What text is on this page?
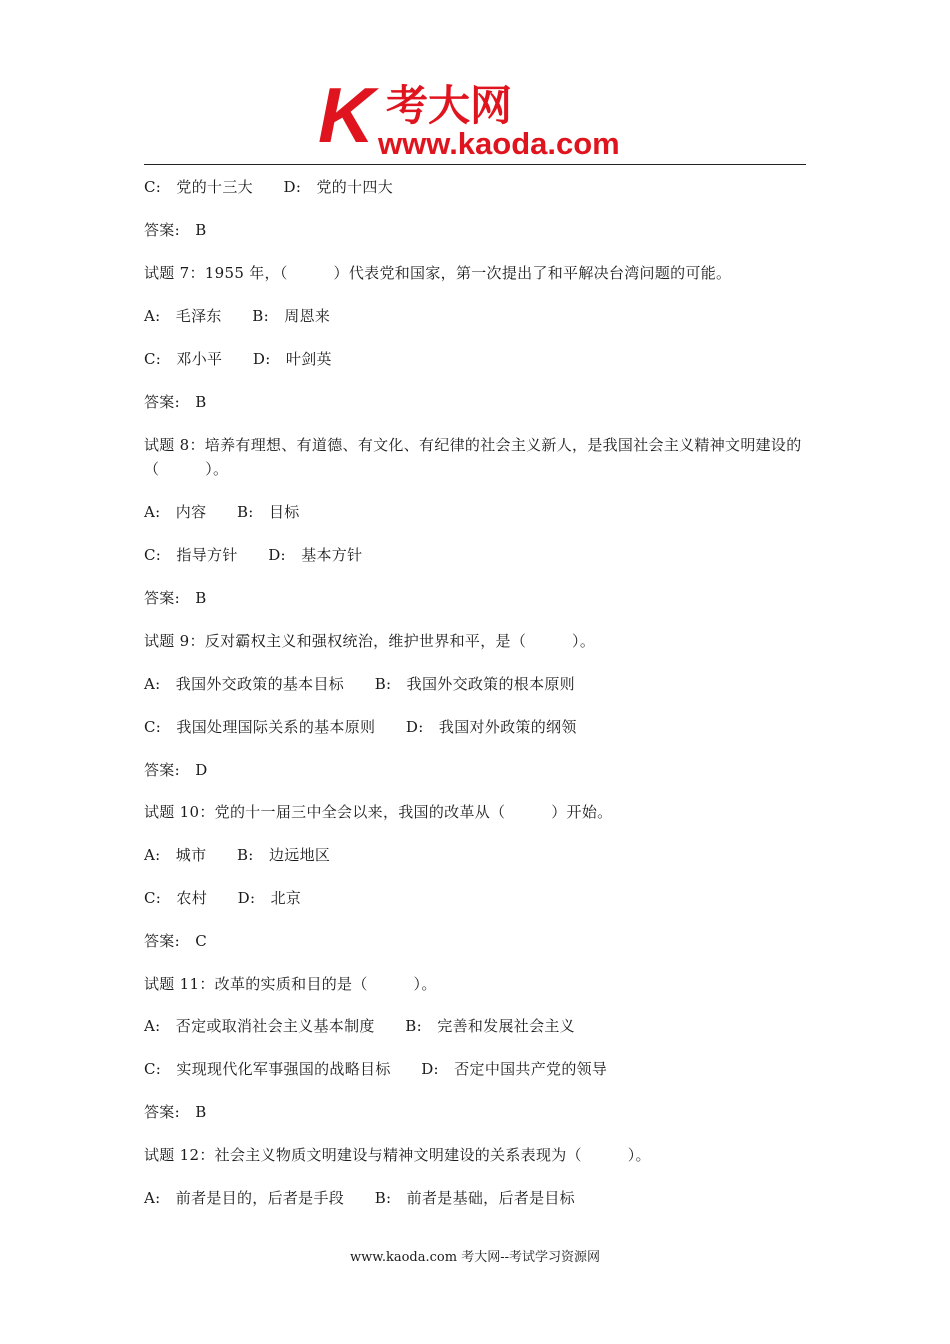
K 考大网
www.kaoda.com
C:　党的十三大　　D:　党的十四大
答案:　B
试题 7：1955 年，（　　　）代表党和国家，第一次提出了和平解决台湾问题的可能。
A:　毛泽东　　B:　周恩来
C:　邓小平　　D:　叶剑英
答案:　B
试题 8：培养有理想、有道德、有文化、有纪律的社会主义新人，是我国社会主义精神文明建设的（　　　）。
A:　内容　　B:　目标
C:　指导方针　　D:　基本方针
答案:　B
试题 9：反对霸权主义和强权统治，维护世界和平，是（　　　）。
A:　我国外交政策的基本目标　　B:　我国外交政策的根本原则
C:　我国处理国际关系的基本原则　　D:　我国对外政策的纲领
答案:　D
试题 10：党的十一届三中全会以来，我国的改革从（　　　）开始。
A:　城市　　B:　边远地区
C:　农村　　D:　北京
答案:　C
试题 11：改革的实质和目的是（　　　）。
A:　否定或取消社会主义基本制度　　B:　完善和发展社会主义
C:　实现现代化军事强国的战略目标　　D:　否定中国共产党的领导
答案:　B
试题 12：社会主义物质文明建设与精神文明建设的关系表现为（　　　）。
A:　前者是目的，后者是手段　　B:　前者是基础，后者是目标
www.kaoda.com 考大网--考试学习资源网
